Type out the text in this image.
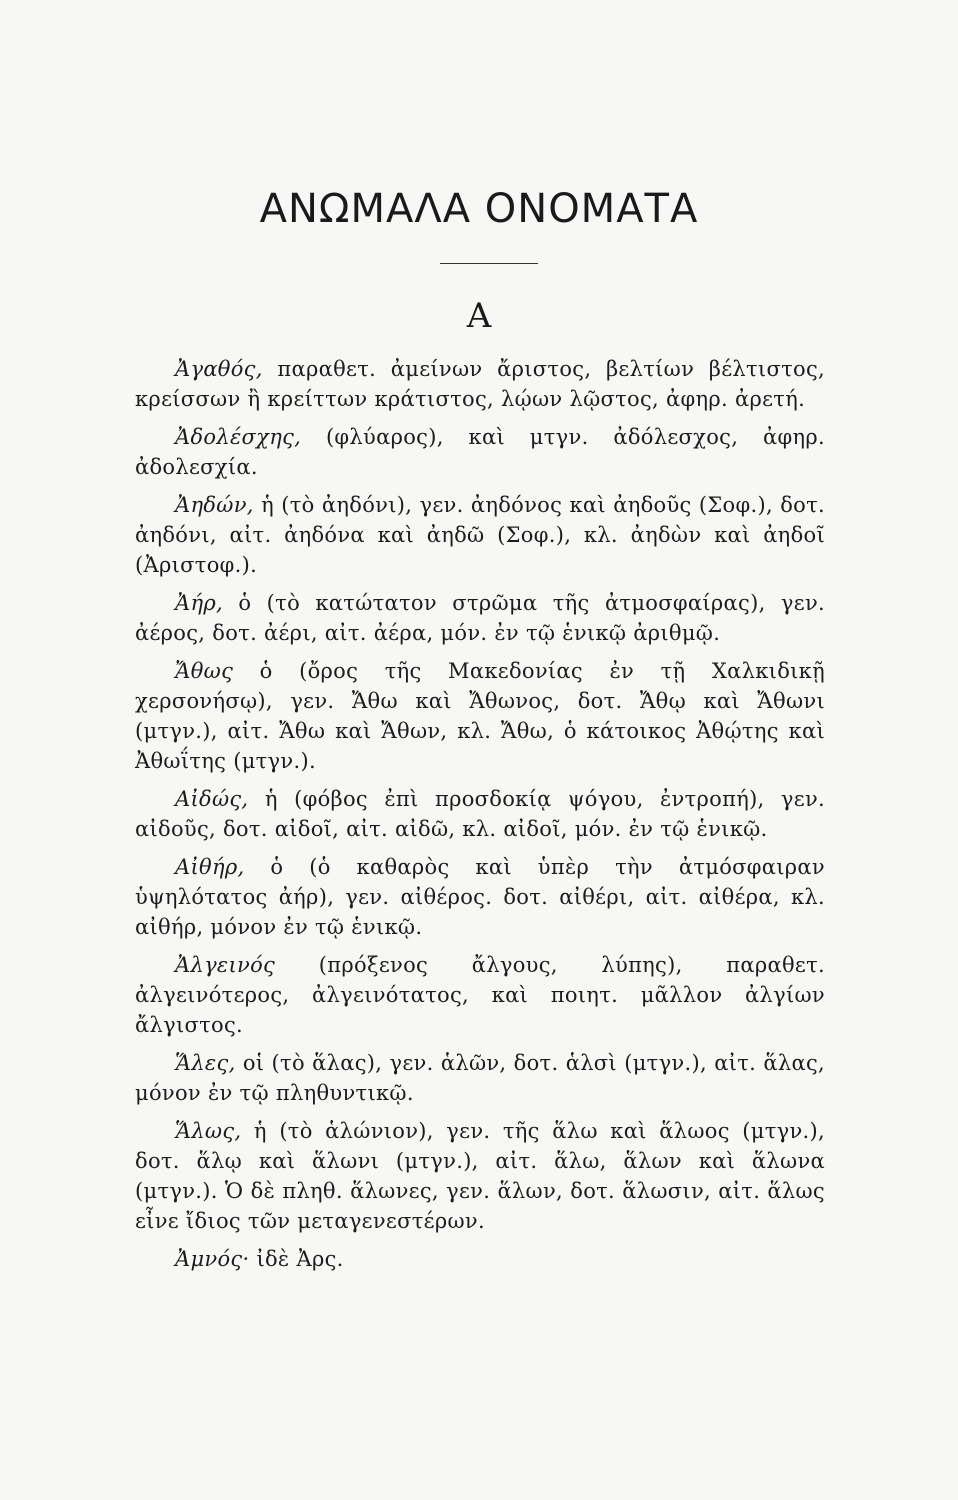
ΑΝΩΜΑΛΑ ΟΝΟΜΑΤΑ
Α

Ἀγαθός, παραθετ. ἀμείνων ἄριστος, βελτίων βέλτιστος, κρείσσων ἢ κρείττων κράτιστος, λῴων λῷστος, ἀφηρ. ἀρετή.

Ἀδολέσχης, (φλύαρος), καὶ μτγν. ἀδόλεσχος, ἀφηρ. ἀδολεσχία.

Ἀηδών, ἡ (τὸ ἀηδόνι), γεν. ἀηδόνος καὶ ἀηδοῦς (Σοφ.), δοτ. ἀηδόνι, αἰτ. ἀηδόνα καὶ ἀηδῶ (Σοφ.), κλ. ἀηδὼν καὶ ἀηδοῖ (Ἀριστοφ.).

Ἀήρ, ὁ (τὸ κατώτατον στρῶμα τῆς ἀτμοσφαίρας), γεν. ἀέρος, δοτ. ἀέρι, αἰτ. ἀέρα, μόν. ἐν τῷ ἑνικῷ ἀριθμῷ.

Ἄθως ὁ (ὄρος τῆς Μακεδονίας ἐν τῇ Χαλκιδικῇ χερσονήσῳ), γεν. Ἄθω καὶ Ἄθωνος, δοτ. Ἄθῳ καὶ Ἄθωνι (μτγν.), αἰτ. Ἄθω καὶ Ἄθων, κλ. Ἄθω, ὁ κάτοικος Ἀθῴτης καὶ Ἀθωΐτης (μτγν.).

Αἰδώς, ἡ (φόβος ἐπὶ προσδοκίᾳ ψόγου, ἐντροπή), γεν. αἰδοῦς, δοτ. αἰδοῖ, αἰτ. αἰδῶ, κλ. αἰδοῖ, μόν. ἐν τῷ ἑνικῷ.

Αἰθήρ, ὁ (ὁ καθαρὸς καὶ ὑπὲρ τὴν ἀτμόσφαιραν ὑψηλότατος ἀήρ), γεν. αἰθέρος. δοτ. αἰθέρι, αἰτ. αἰθέρα, κλ. αἰθήρ, μόνον ἐν τῷ ἑνικῷ.

Ἀλγεινός (πρόξενος ἄλγους, λύπης), παραθετ. ἀλγεινότερος, ἀλγεινότατος, καὶ ποιητ. μᾶλλον ἀλγίων ἄλγιστος.

Ἅλες, οἱ (τὸ ἅλας), γεν. ἁλῶν, δοτ. ἁλσὶ (μτγν.), αἰτ. ἅλας, μόνον ἐν τῷ πληθυντικῷ.

Ἅλως, ἡ (τὸ ἁλώνιον), γεν. τῆς ἅλω καὶ ἅλωος (μτγν.), δοτ. ἅλῳ καὶ ἅλωνι (μτγν.), αἰτ. ἅλω, ἅλων καὶ ἅλωνα (μτγν.). Ὁ δὲ πληθ. ἅλωνες, γεν. ἅλων, δοτ. ἅλωσιν, αἰτ. ἅλως εἶνε ἴδιος τῶν μεταγενεστέρων.

Ἀμνός· ἰδὲ Ἀρς.
